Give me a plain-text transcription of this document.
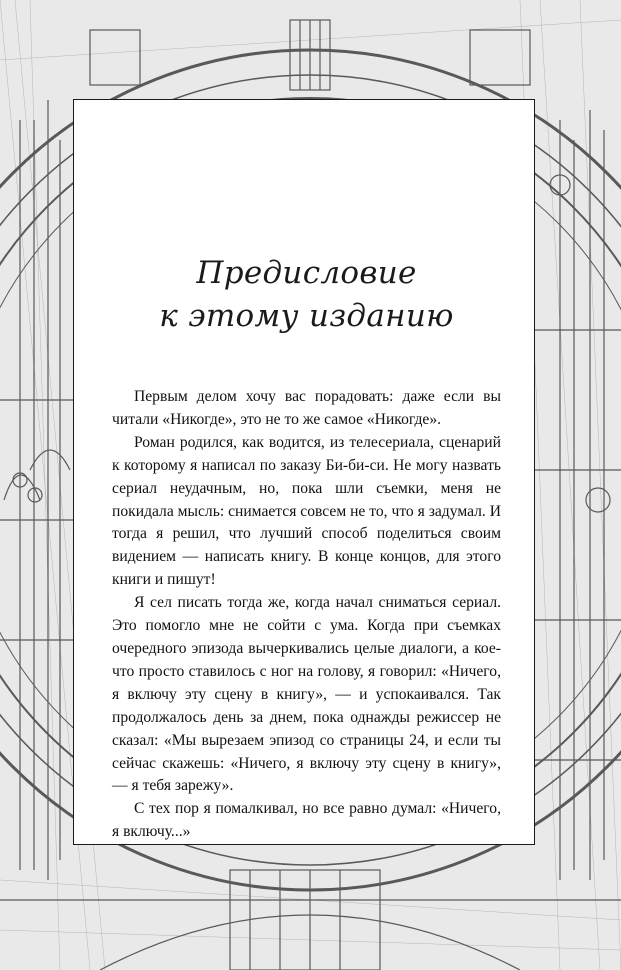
Предисловие
к этому изданию

Первым делом хочу вас порадовать: даже если вы читали «Никогде», это не то же самое «Никогде».

Роман родился, как водится, из телесериала, сценарий к которому я написал по заказу Би-би-си. Не могу назвать сериал неудачным, но, пока шли съемки, меня не покидала мысль: снимается совсем не то, что я задумал. И тогда я решил, что лучший способ поделиться своим видением — написать книгу. В конце концов, для этого книги и пишут!

Я сел писать тогда же, когда начал сниматься сериал. Это помогло мне не сойти с ума. Когда при съемках очередного эпизода вычеркивались целые диалоги, а кое-что просто ставилось с ног на голову, я говорил: «Ничего, я включу эту сцену в книгу», — и успокаивался. Так продолжалось день за днем, пока однажды режиссер не сказал: «Мы вырезаем эпизод со страницы 24, и если ты сейчас скажешь: «Ничего, я включу эту сцену в книгу», — я тебя зарежу».

С тех пор я помалкивал, но все равно думал: «Ничего, я включу...»
